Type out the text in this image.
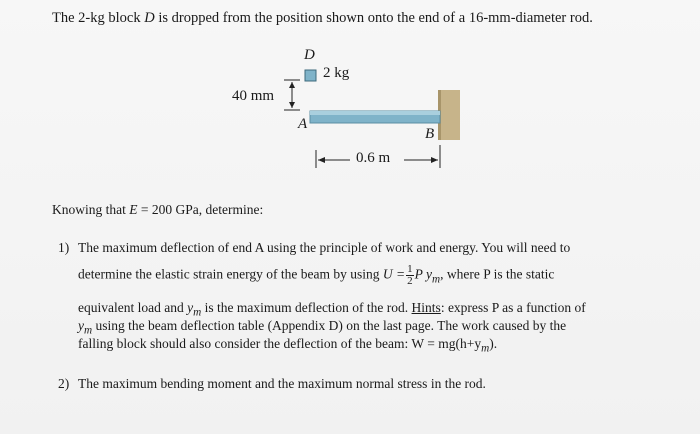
The 2-kg block D is dropped from the position shown onto the end of a 16-mm-diameter rod.
D
2 kg
40 mm
A
B
0.6 m
Knowing that E = 200 GPa, determine:
1) The maximum deflection of end A using the principle of work and energy. You will need to
determine the elastic strain energy of the beam by using $U = \frac{1}{2}$ P $y_m$, where P is the static
equivalent load and $y_m$ is the maximum deflection of the rod. Hints: express P as a function of
$y_m$ using the beam deflection table (Appendix D) on the last page. The work caused by the
falling block should also consider the deflection of the beam: $W = mg(h+y_m)$.
2) The maximum bending moment and the maximum normal stress in the rod.
